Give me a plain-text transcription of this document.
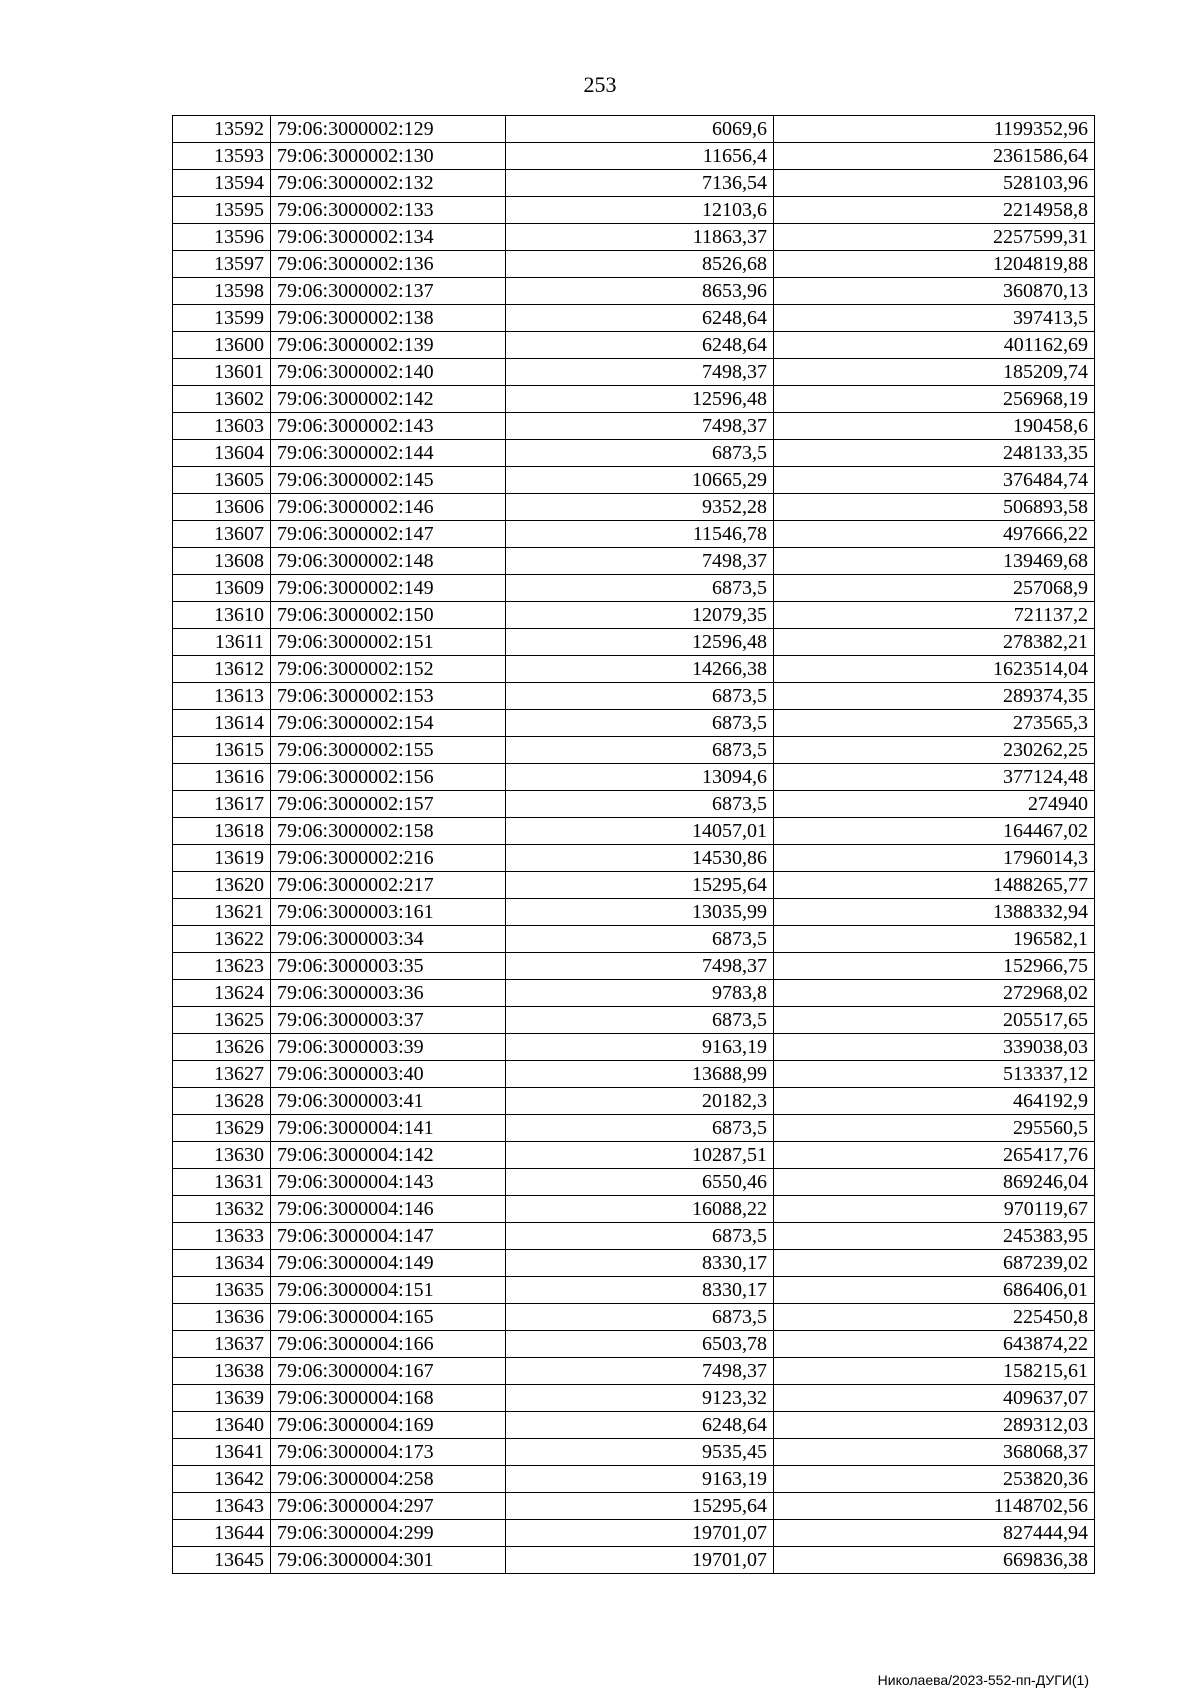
253
13592	79:06:3000002:129	6069,6	1199352,96
13593	79:06:3000002:130	11656,4	2361586,64
13594	79:06:3000002:132	7136,54	528103,96
13595	79:06:3000002:133	12103,6	2214958,8
13596	79:06:3000002:134	11863,37	2257599,31
13597	79:06:3000002:136	8526,68	1204819,88
13598	79:06:3000002:137	8653,96	360870,13
13599	79:06:3000002:138	6248,64	397413,5
13600	79:06:3000002:139	6248,64	401162,69
13601	79:06:3000002:140	7498,37	185209,74
13602	79:06:3000002:142	12596,48	256968,19
13603	79:06:3000002:143	7498,37	190458,6
13604	79:06:3000002:144	6873,5	248133,35
13605	79:06:3000002:145	10665,29	376484,74
13606	79:06:3000002:146	9352,28	506893,58
13607	79:06:3000002:147	11546,78	497666,22
13608	79:06:3000002:148	7498,37	139469,68
13609	79:06:3000002:149	6873,5	257068,9
13610	79:06:3000002:150	12079,35	721137,2
13611	79:06:3000002:151	12596,48	278382,21
13612	79:06:3000002:152	14266,38	1623514,04
13613	79:06:3000002:153	6873,5	289374,35
13614	79:06:3000002:154	6873,5	273565,3
13615	79:06:3000002:155	6873,5	230262,25
13616	79:06:3000002:156	13094,6	377124,48
13617	79:06:3000002:157	6873,5	274940
13618	79:06:3000002:158	14057,01	164467,02
13619	79:06:3000002:216	14530,86	1796014,3
13620	79:06:3000002:217	15295,64	1488265,77
13621	79:06:3000003:161	13035,99	1388332,94
13622	79:06:3000003:34	6873,5	196582,1
13623	79:06:3000003:35	7498,37	152966,75
13624	79:06:3000003:36	9783,8	272968,02
13625	79:06:3000003:37	6873,5	205517,65
13626	79:06:3000003:39	9163,19	339038,03
13627	79:06:3000003:40	13688,99	513337,12
13628	79:06:3000003:41	20182,3	464192,9
13629	79:06:3000004:141	6873,5	295560,5
13630	79:06:3000004:142	10287,51	265417,76
13631	79:06:3000004:143	6550,46	869246,04
13632	79:06:3000004:146	16088,22	970119,67
13633	79:06:3000004:147	6873,5	245383,95
13634	79:06:3000004:149	8330,17	687239,02
13635	79:06:3000004:151	8330,17	686406,01
13636	79:06:3000004:165	6873,5	225450,8
13637	79:06:3000004:166	6503,78	643874,22
13638	79:06:3000004:167	7498,37	158215,61
13639	79:06:3000004:168	9123,32	409637,07
13640	79:06:3000004:169	6248,64	289312,03
13641	79:06:3000004:173	9535,45	368068,37
13642	79:06:3000004:258	9163,19	253820,36
13643	79:06:3000004:297	15295,64	1148702,56
13644	79:06:3000004:299	19701,07	827444,94
13645	79:06:3000004:301	19701,07	669836,38
Николаева/2023-552-пп-ДУГИ(1)
